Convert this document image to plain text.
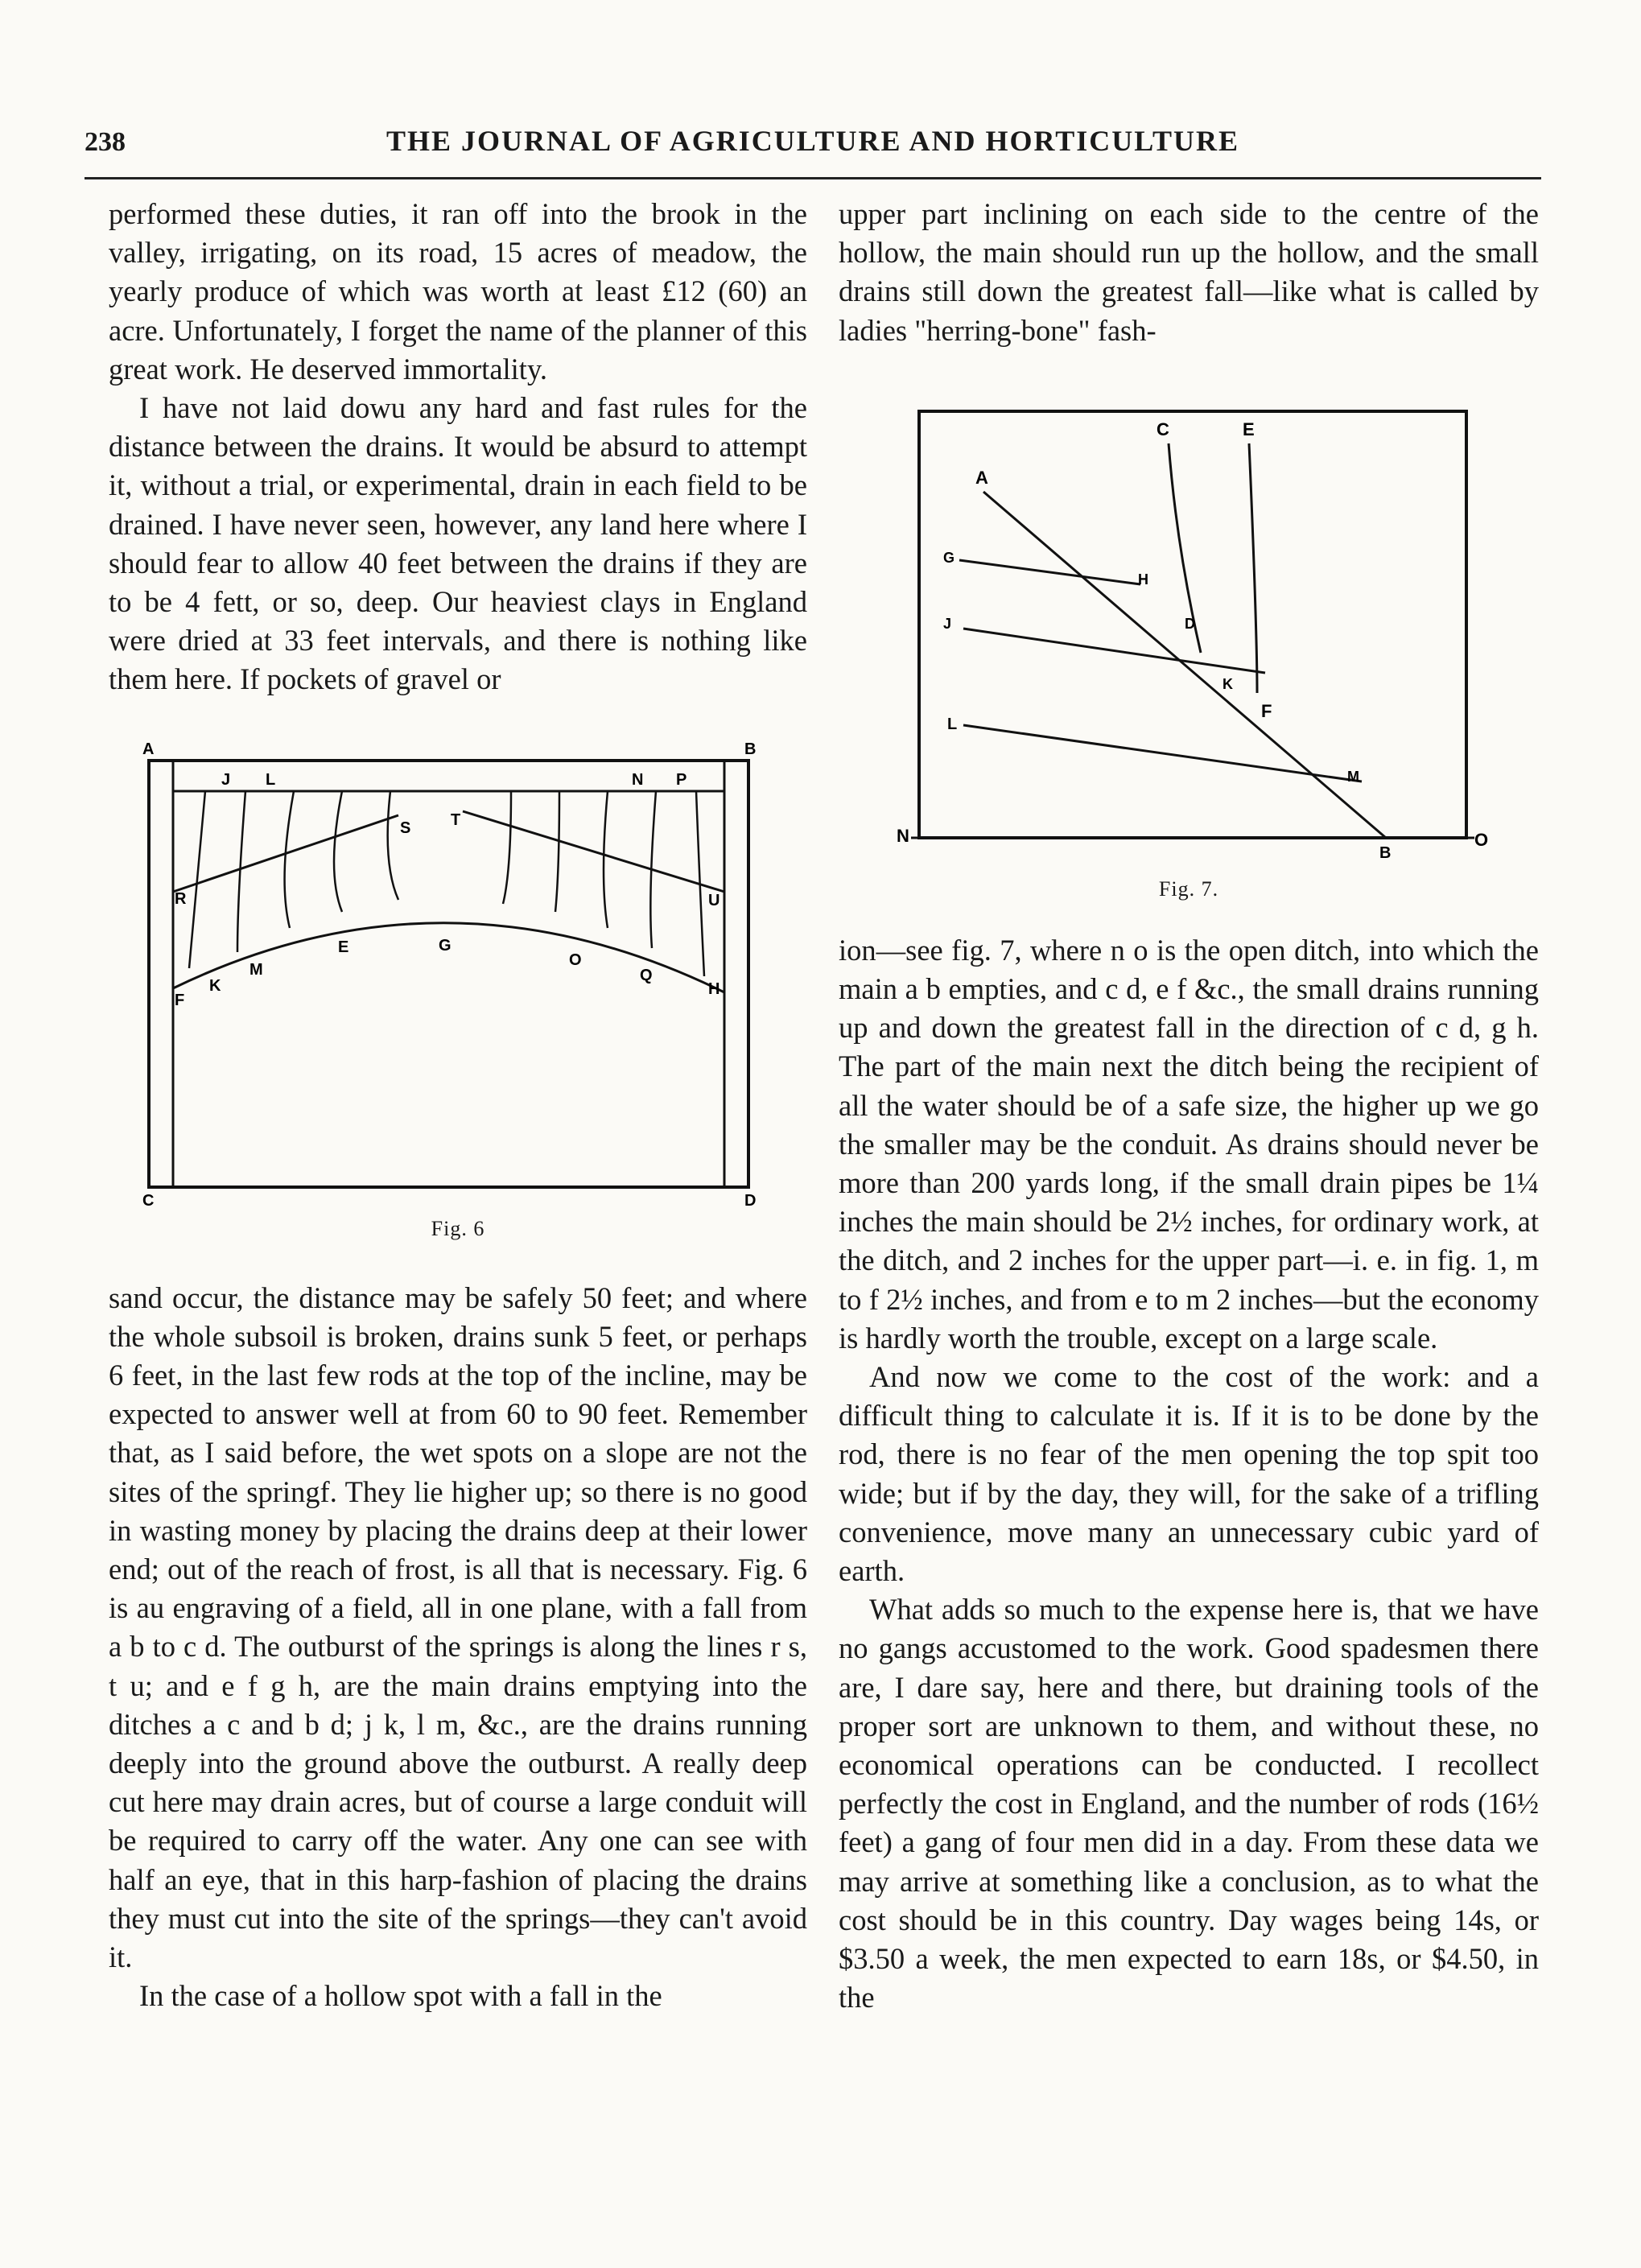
238	THE JOURNAL OF AGRICULTURE AND HORTICULTURE

performed these duties, it ran off into the brook in the valley, irrigating, on its road, 15 acres of meadow, the yearly produce of which was worth at least £12 (60) an acre. Unfortunately, I forget the name of the planner of this great work. He deserved immortality.

I have not laid dowu any hard and fast rules for the distance between the drains. It would be absurd to attempt it, without a trial, or experimental, drain in each field to be drained. I have never seen, however, any land here where I should fear to allow 40 feet between the drains if they are to be 4 fett, or so, deep. Our heaviest clays in England were dried at 33 feet intervals, and there is nothing like them here. If pockets of gravel or

A	B
C	D
J L	N P
R
S T
U
F
K
M
E	G
O
Q
H
Fig. 6

sand occur, the distance may be safely 50 feet; and where the whole subsoil is broken, drains sunk 5 feet, or perhaps 6 feet, in the last few rods at the top of the incline, may be expected to answer well at from 60 to 90 feet. Remember that, as I said before, the wet spots on a slope are not the sites of the springf. They lie higher up; so there is no good in wasting money by placing the drains deep at their lower end; out of the reach of frost, is all that is necessary. Fig. 6 is au engraving of a field, all in one plane, with a fall from a b to c d. The outburst of the springs is along the lines r s, t u; and e f g h, are the main drains emptying into the ditches a c and b d; j k, l m, &c., are the drains running deeply into the ground above the outburst. A really deep cut here may drain acres, but of course a large conduit will be required to carry off the water. Any one can see with half an eye, that in this harp-fashion of placing the drains they must cut into the site of the springs—they can't avoid it.

In the case of a hollow spot with a fall in the

upper part inclining on each side to the centre of the hollow, the main should run up the hollow, and the small drains still down the greatest fall—like what is called by ladies "herring-bone" fash-

C	E
A
G
H
D
J
K
F
L
M
N
B
O
Fig. 7.

ion—see fig. 7, where n o is the open ditch, into which the main a b empties, and c d, e f &c., the small drains running up and down the greatest fall in the direction of c d, g h. The part of the main next the ditch being the recipient of all the water should be of a safe size, the higher up we go the smaller may be the conduit. As drains should never be more than 200 yards long, if the small drain pipes be 1¼ inches the main should be 2½ inches, for ordinary work, at the ditch, and 2 inches for the upper part—i. e. in fig. 1, m to f 2½ inches, and from e to m 2 inches—but the economy is hardly worth the trouble, except on a large scale.

And now we come to the cost of the work: and a difficult thing to calculate it is. If it is to be done by the rod, there is no fear of the men opening the top spit too wide; but if by the day, they will, for the sake of a trifling convenience, move many an unnecessary cubic yard of earth.

What adds so much to the expense here is, that we have no gangs accustomed to the work. Good spadesmen there are, I dare say, here and there, but draining tools of the proper sort are unknown to them, and without these, no economical operations can be conducted. I recollect perfectly the cost in England, and the number of rods (16½ feet) a gang of four men did in a day. From these data we may arrive at something like a conclusion, as to what the cost should be in this country. Day wages being 14s, or $3.50 a week, the men expected to earn 18s, or $4.50, in the
